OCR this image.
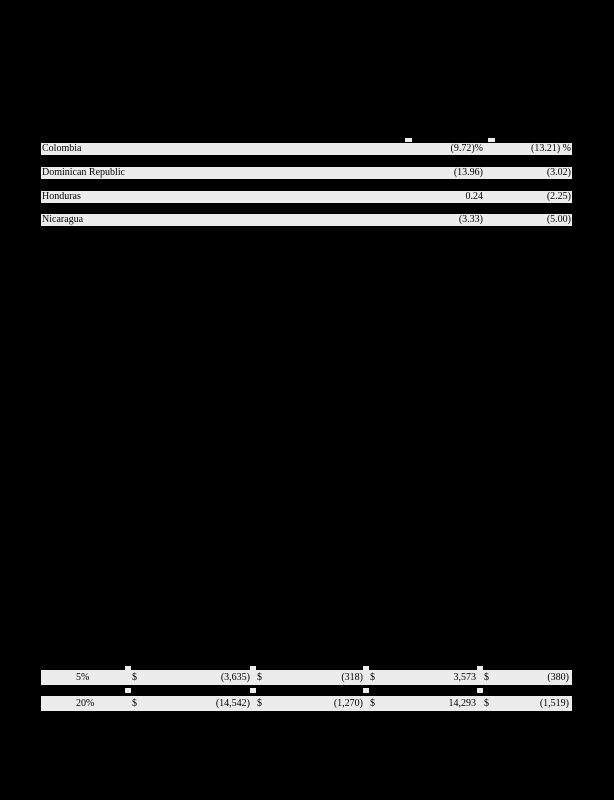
Colombia	(9.72)%	(13.21) %
Dominican Republic	(13.96)	(3.02)
Honduras	0.24	(2.25)
Nicaragua	(3.33)	(5.00)
5%	$	(3,635) $	(318) $	3,573 $	(380)
20%	$	(14,542) $	(1,270) $	14,293 $	(1,519)
